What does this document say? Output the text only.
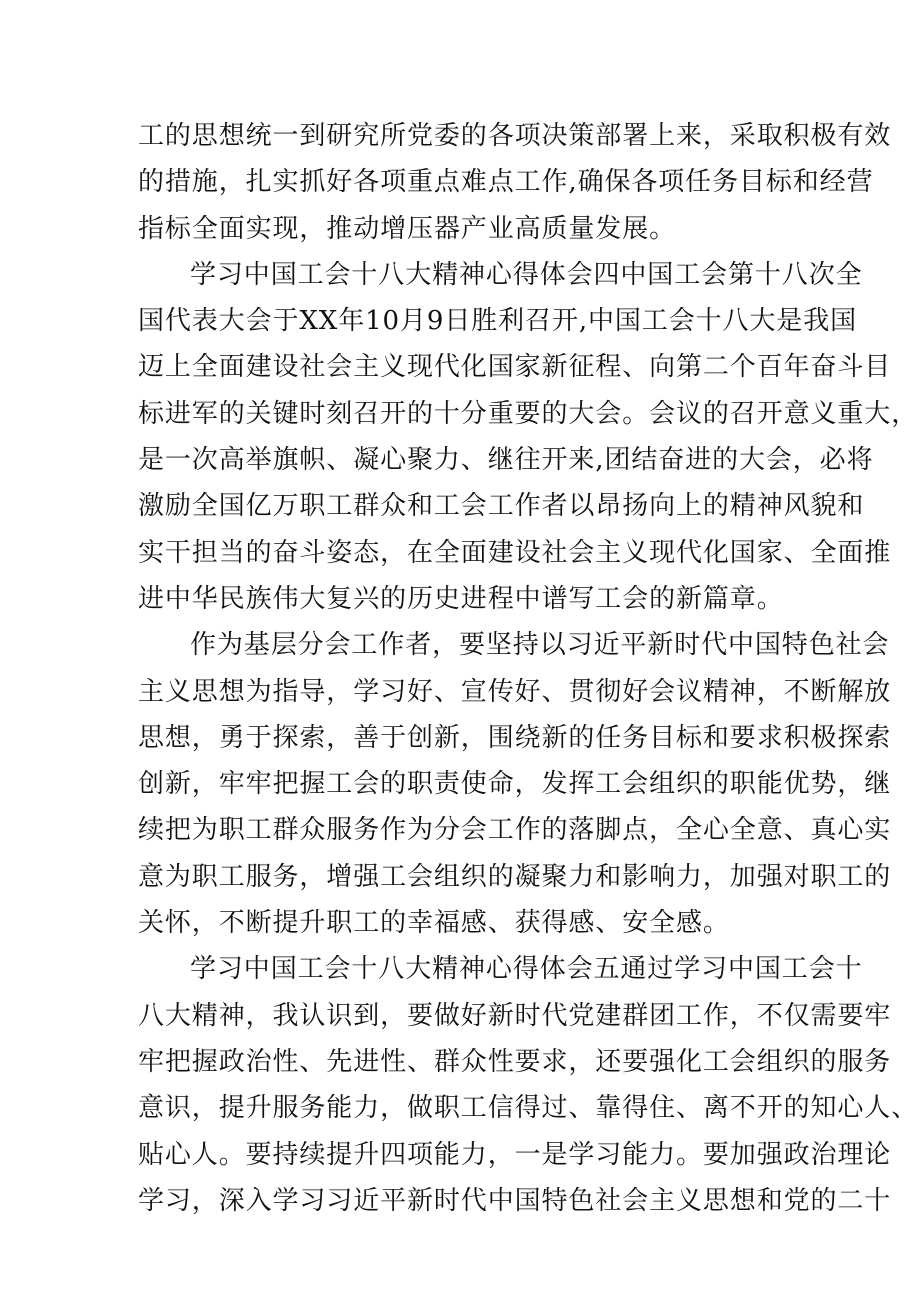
工的思想统一到研究所党委的各项决策部署上来，采取积极有效
的措施，扎实抓好各项重点难点工作,确保各项任务目标和经营
指标全面实现，推动增压器产业高质量发展。

学习中国工会十八大精神心得体会四中国工会第十八次全
国代表大会于XX年10月9日胜利召开,中国工会十八大是我国
迈上全面建设社会主义现代化国家新征程、向第二个百年奋斗目
标进军的关键时刻召开的十分重要的大会。会议的召开意义重大，
是一次高举旗帜、凝心聚力、继往开来,团结奋进的大会，必将
激励全国亿万职工群众和工会工作者以昂扬向上的精神风貌和
实干担当的奋斗姿态，在全面建设社会主义现代化国家、全面推
进中华民族伟大复兴的历史进程中谱写工会的新篇章。

作为基层分会工作者，要坚持以习近平新时代中国特色社会
主义思想为指导，学习好、宣传好、贯彻好会议精神，不断解放
思想，勇于探索，善于创新，围绕新的任务目标和要求积极探索
创新，牢牢把握工会的职责使命，发挥工会组织的职能优势，继
续把为职工群众服务作为分会工作的落脚点，全心全意、真心实
意为职工服务，增强工会组织的凝聚力和影响力，加强对职工的
关怀，不断提升职工的幸福感、获得感、安全感。

学习中国工会十八大精神心得体会五通过学习中国工会十
八大精神，我认识到，要做好新时代党建群团工作，不仅需要牢
牢把握政治性、先进性、群众性要求，还要强化工会组织的服务
意识，提升服务能力，做职工信得过、靠得住、离不开的知心人、
贴心人。要持续提升四项能力，一是学习能力。要加强政治理论
学习，深入学习习近平新时代中国特色社会主义思想和党的二十
